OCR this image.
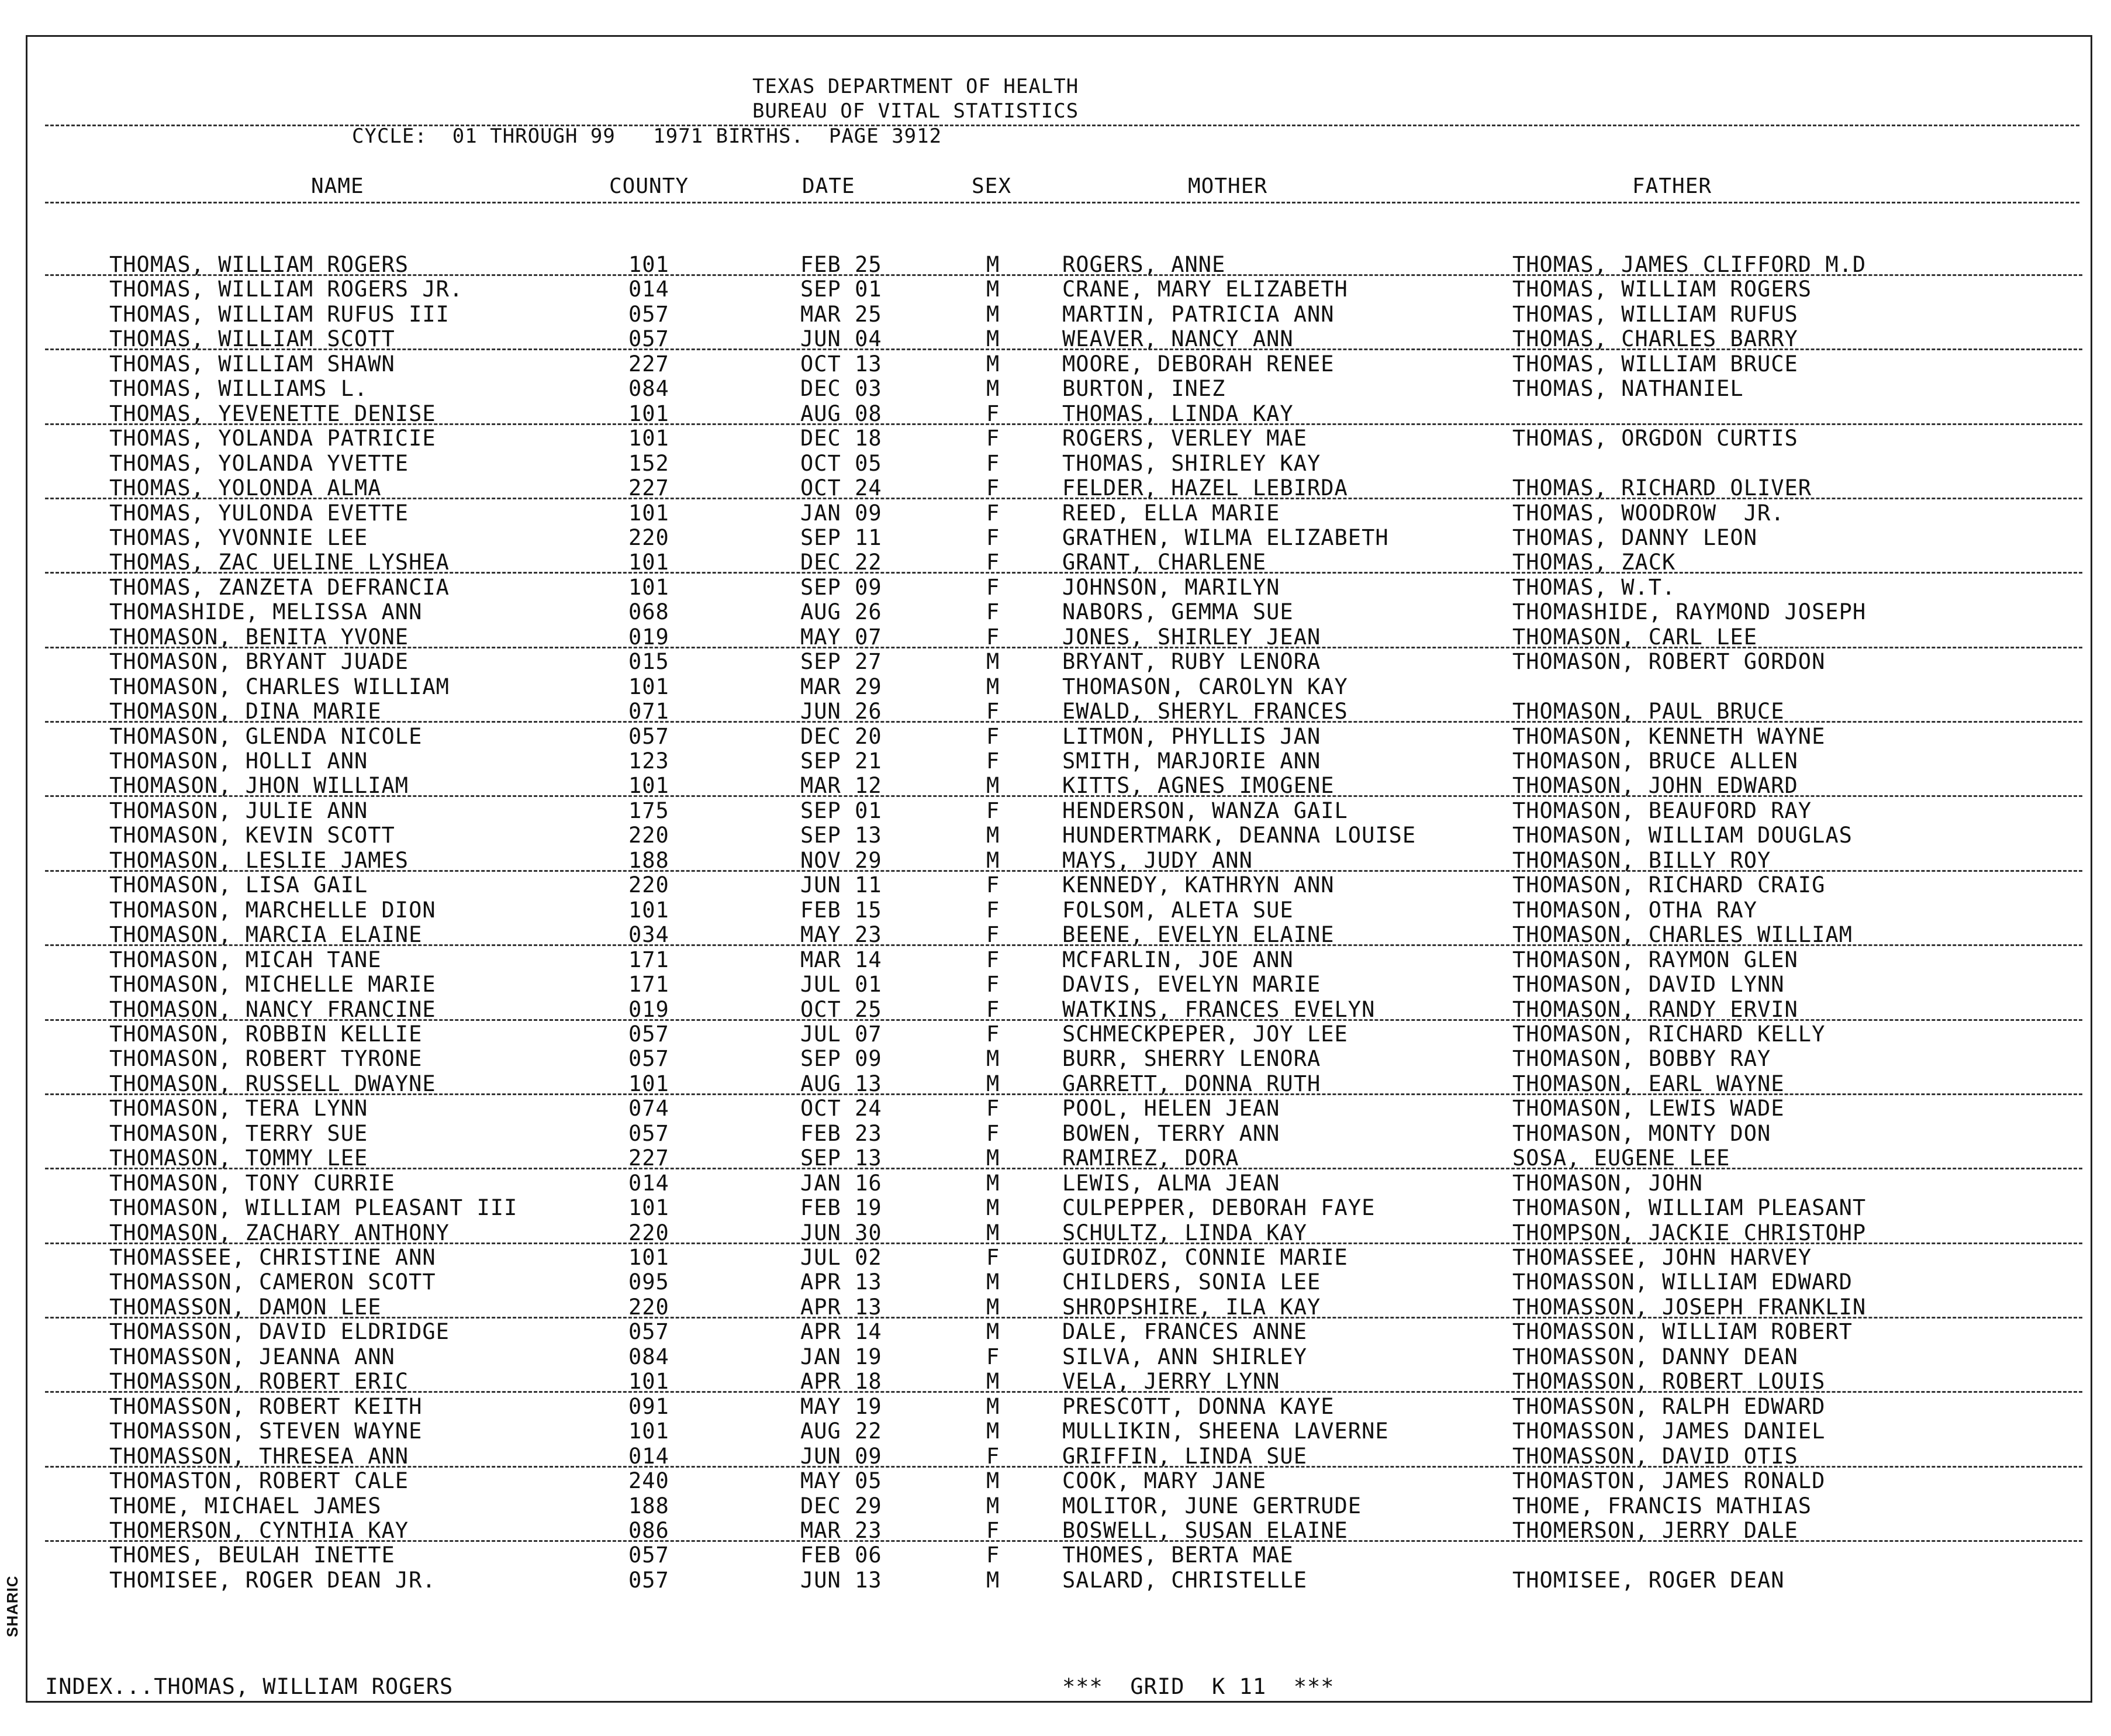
SHARIC
TEXAS DEPARTMENT OF HEALTH
BUREAU OF VITAL STATISTICS
CYCLE:  01 THROUGH 99   1971 BIRTHS.  PAGE 3912
NAME	COUNTY	DATE	SEX	MOTHER	FATHER
THOMAS, WILLIAM ROGERS	101	FEB 25	M	ROGERS, ANNE	THOMAS, JAMES CLIFFORD M.D
THOMAS, WILLIAM ROGERS JR.	014	SEP 01	M	CRANE, MARY ELIZABETH	THOMAS, WILLIAM ROGERS
THOMAS, WILLIAM RUFUS III	057	MAR 25	M	MARTIN, PATRICIA ANN	THOMAS, WILLIAM RUFUS
THOMAS, WILLIAM SCOTT	057	JUN 04	M	WEAVER, NANCY ANN	THOMAS, CHARLES BARRY
THOMAS, WILLIAM SHAWN	227	OCT 13	M	MOORE, DEBORAH RENEE	THOMAS, WILLIAM BRUCE
THOMAS, WILLIAMS L.	084	DEC 03	M	BURTON, INEZ	THOMAS, NATHANIEL
THOMAS, YEVENETTE DENISE	101	AUG 08	F	THOMAS, LINDA KAY
THOMAS, YOLANDA PATRICIE	101	DEC 18	F	ROGERS, VERLEY MAE	THOMAS, ORGDON CURTIS
THOMAS, YOLANDA YVETTE	152	OCT 05	F	THOMAS, SHIRLEY KAY
THOMAS, YOLONDA ALMA	227	OCT 24	F	FELDER, HAZEL LEBIRDA	THOMAS, RICHARD OLIVER
THOMAS, YULONDA EVETTE	101	JAN 09	F	REED, ELLA MARIE	THOMAS, WOODROW  JR.
THOMAS, YVONNIE LEE	220	SEP 11	F	GRATHEN, WILMA ELIZABETH	THOMAS, DANNY LEON
THOMAS, ZAC UELINE LYSHEA	101	DEC 22	F	GRANT, CHARLENE	THOMAS, ZACK
THOMAS, ZANZETA DEFRANCIA	101	SEP 09	F	JOHNSON, MARILYN	THOMAS, W.T.
THOMASHIDE, MELISSA ANN	068	AUG 26	F	NABORS, GEMMA SUE	THOMASHIDE, RAYMOND JOSEPH
THOMASON, BENITA YVONE	019	MAY 07	F	JONES, SHIRLEY JEAN	THOMASON, CARL LEE
THOMASON, BRYANT JUADE	015	SEP 27	M	BRYANT, RUBY LENORA	THOMASON, ROBERT GORDON
THOMASON, CHARLES WILLIAM	101	MAR 29	M	THOMASON, CAROLYN KAY
THOMASON, DINA MARIE	071	JUN 26	F	EWALD, SHERYL FRANCES	THOMASON, PAUL BRUCE
THOMASON, GLENDA NICOLE	057	DEC 20	F	LITMON, PHYLLIS JAN	THOMASON, KENNETH WAYNE
THOMASON, HOLLI ANN	123	SEP 21	F	SMITH, MARJORIE ANN	THOMASON, BRUCE ALLEN
THOMASON, JHON WILLIAM	101	MAR 12	M	KITTS, AGNES IMOGENE	THOMASON, JOHN EDWARD
THOMASON, JULIE ANN	175	SEP 01	F	HENDERSON, WANZA GAIL	THOMASON, BEAUFORD RAY
THOMASON, KEVIN SCOTT	220	SEP 13	M	HUNDERTMARK, DEANNA LOUISE	THOMASON, WILLIAM DOUGLAS
THOMASON, LESLIE JAMES	188	NOV 29	M	MAYS, JUDY ANN	THOMASON, BILLY ROY
THOMASON, LISA GAIL	220	JUN 11	F	KENNEDY, KATHRYN ANN	THOMASON, RICHARD CRAIG
THOMASON, MARCHELLE DION	101	FEB 15	F	FOLSOM, ALETA SUE	THOMASON, OTHA RAY
THOMASON, MARCIA ELAINE	034	MAY 23	F	BEENE, EVELYN ELAINE	THOMASON, CHARLES WILLIAM
THOMASON, MICAH TANE	171	MAR 14	F	MCFARLIN, JOE ANN	THOMASON, RAYMON GLEN
THOMASON, MICHELLE MARIE	171	JUL 01	F	DAVIS, EVELYN MARIE	THOMASON, DAVID LYNN
THOMASON, NANCY FRANCINE	019	OCT 25	F	WATKINS, FRANCES EVELYN	THOMASON, RANDY ERVIN
THOMASON, ROBBIN KELLIE	057	JUL 07	F	SCHMECKPEPER, JOY LEE	THOMASON, RICHARD KELLY
THOMASON, ROBERT TYRONE	057	SEP 09	M	BURR, SHERRY LENORA	THOMASON, BOBBY RAY
THOMASON, RUSSELL DWAYNE	101	AUG 13	M	GARRETT, DONNA RUTH	THOMASON, EARL WAYNE
THOMASON, TERA LYNN	074	OCT 24	F	POOL, HELEN JEAN	THOMASON, LEWIS WADE
THOMASON, TERRY SUE	057	FEB 23	F	BOWEN, TERRY ANN	THOMASON, MONTY DON
THOMASON, TOMMY LEE	227	SEP 13	M	RAMIREZ, DORA	SOSA, EUGENE LEE
THOMASON, TONY CURRIE	014	JAN 16	M	LEWIS, ALMA JEAN	THOMASON, JOHN
THOMASON, WILLIAM PLEASANT III	101	FEB 19	M	CULPEPPER, DEBORAH FAYE	THOMASON, WILLIAM PLEASANT
THOMASON, ZACHARY ANTHONY	220	JUN 30	M	SCHULTZ, LINDA KAY	THOMPSON, JACKIE CHRISTOHP
THOMASSEE, CHRISTINE ANN	101	JUL 02	F	GUIDROZ, CONNIE MARIE	THOMASSEE, JOHN HARVEY
THOMASSON, CAMERON SCOTT	095	APR 13	M	CHILDERS, SONIA LEE	THOMASSON, WILLIAM EDWARD
THOMASSON, DAMON LEE	220	APR 13	M	SHROPSHIRE, ILA KAY	THOMASSON, JOSEPH FRANKLIN
THOMASSON, DAVID ELDRIDGE	057	APR 14	M	DALE, FRANCES ANNE	THOMASSON, WILLIAM ROBERT
THOMASSON, JEANNA ANN	084	JAN 19	F	SILVA, ANN SHIRLEY	THOMASSON, DANNY DEAN
THOMASSON, ROBERT ERIC	101	APR 18	M	VELA, JERRY LYNN	THOMASSON, ROBERT LOUIS
THOMASSON, ROBERT KEITH	091	MAY 19	M	PRESCOTT, DONNA KAYE	THOMASSON, RALPH EDWARD
THOMASSON, STEVEN WAYNE	101	AUG 22	M	MULLIKIN, SHEENA LAVERNE	THOMASSON, JAMES DANIEL
THOMASSON, THRESEA ANN	014	JUN 09	F	GRIFFIN, LINDA SUE	THOMASSON, DAVID OTIS
THOMASTON, ROBERT CALE	240	MAY 05	M	COOK, MARY JANE	THOMASTON, JAMES RONALD
THOME, MICHAEL JAMES	188	DEC 29	M	MOLITOR, JUNE GERTRUDE	THOME, FRANCIS MATHIAS
THOMERSON, CYNTHIA KAY	086	MAR 23	F	BOSWELL, SUSAN ELAINE	THOMERSON, JERRY DALE
THOMES, BEULAH INETTE	057	FEB 06	F	THOMES, BERTA MAE
THOMISEE, ROGER DEAN JR.	057	JUN 13	M	SALARD, CHRISTELLE	THOMISEE, ROGER DEAN
INDEX...THOMAS, WILLIAM ROGERS	***  GRID  K 11  ***
